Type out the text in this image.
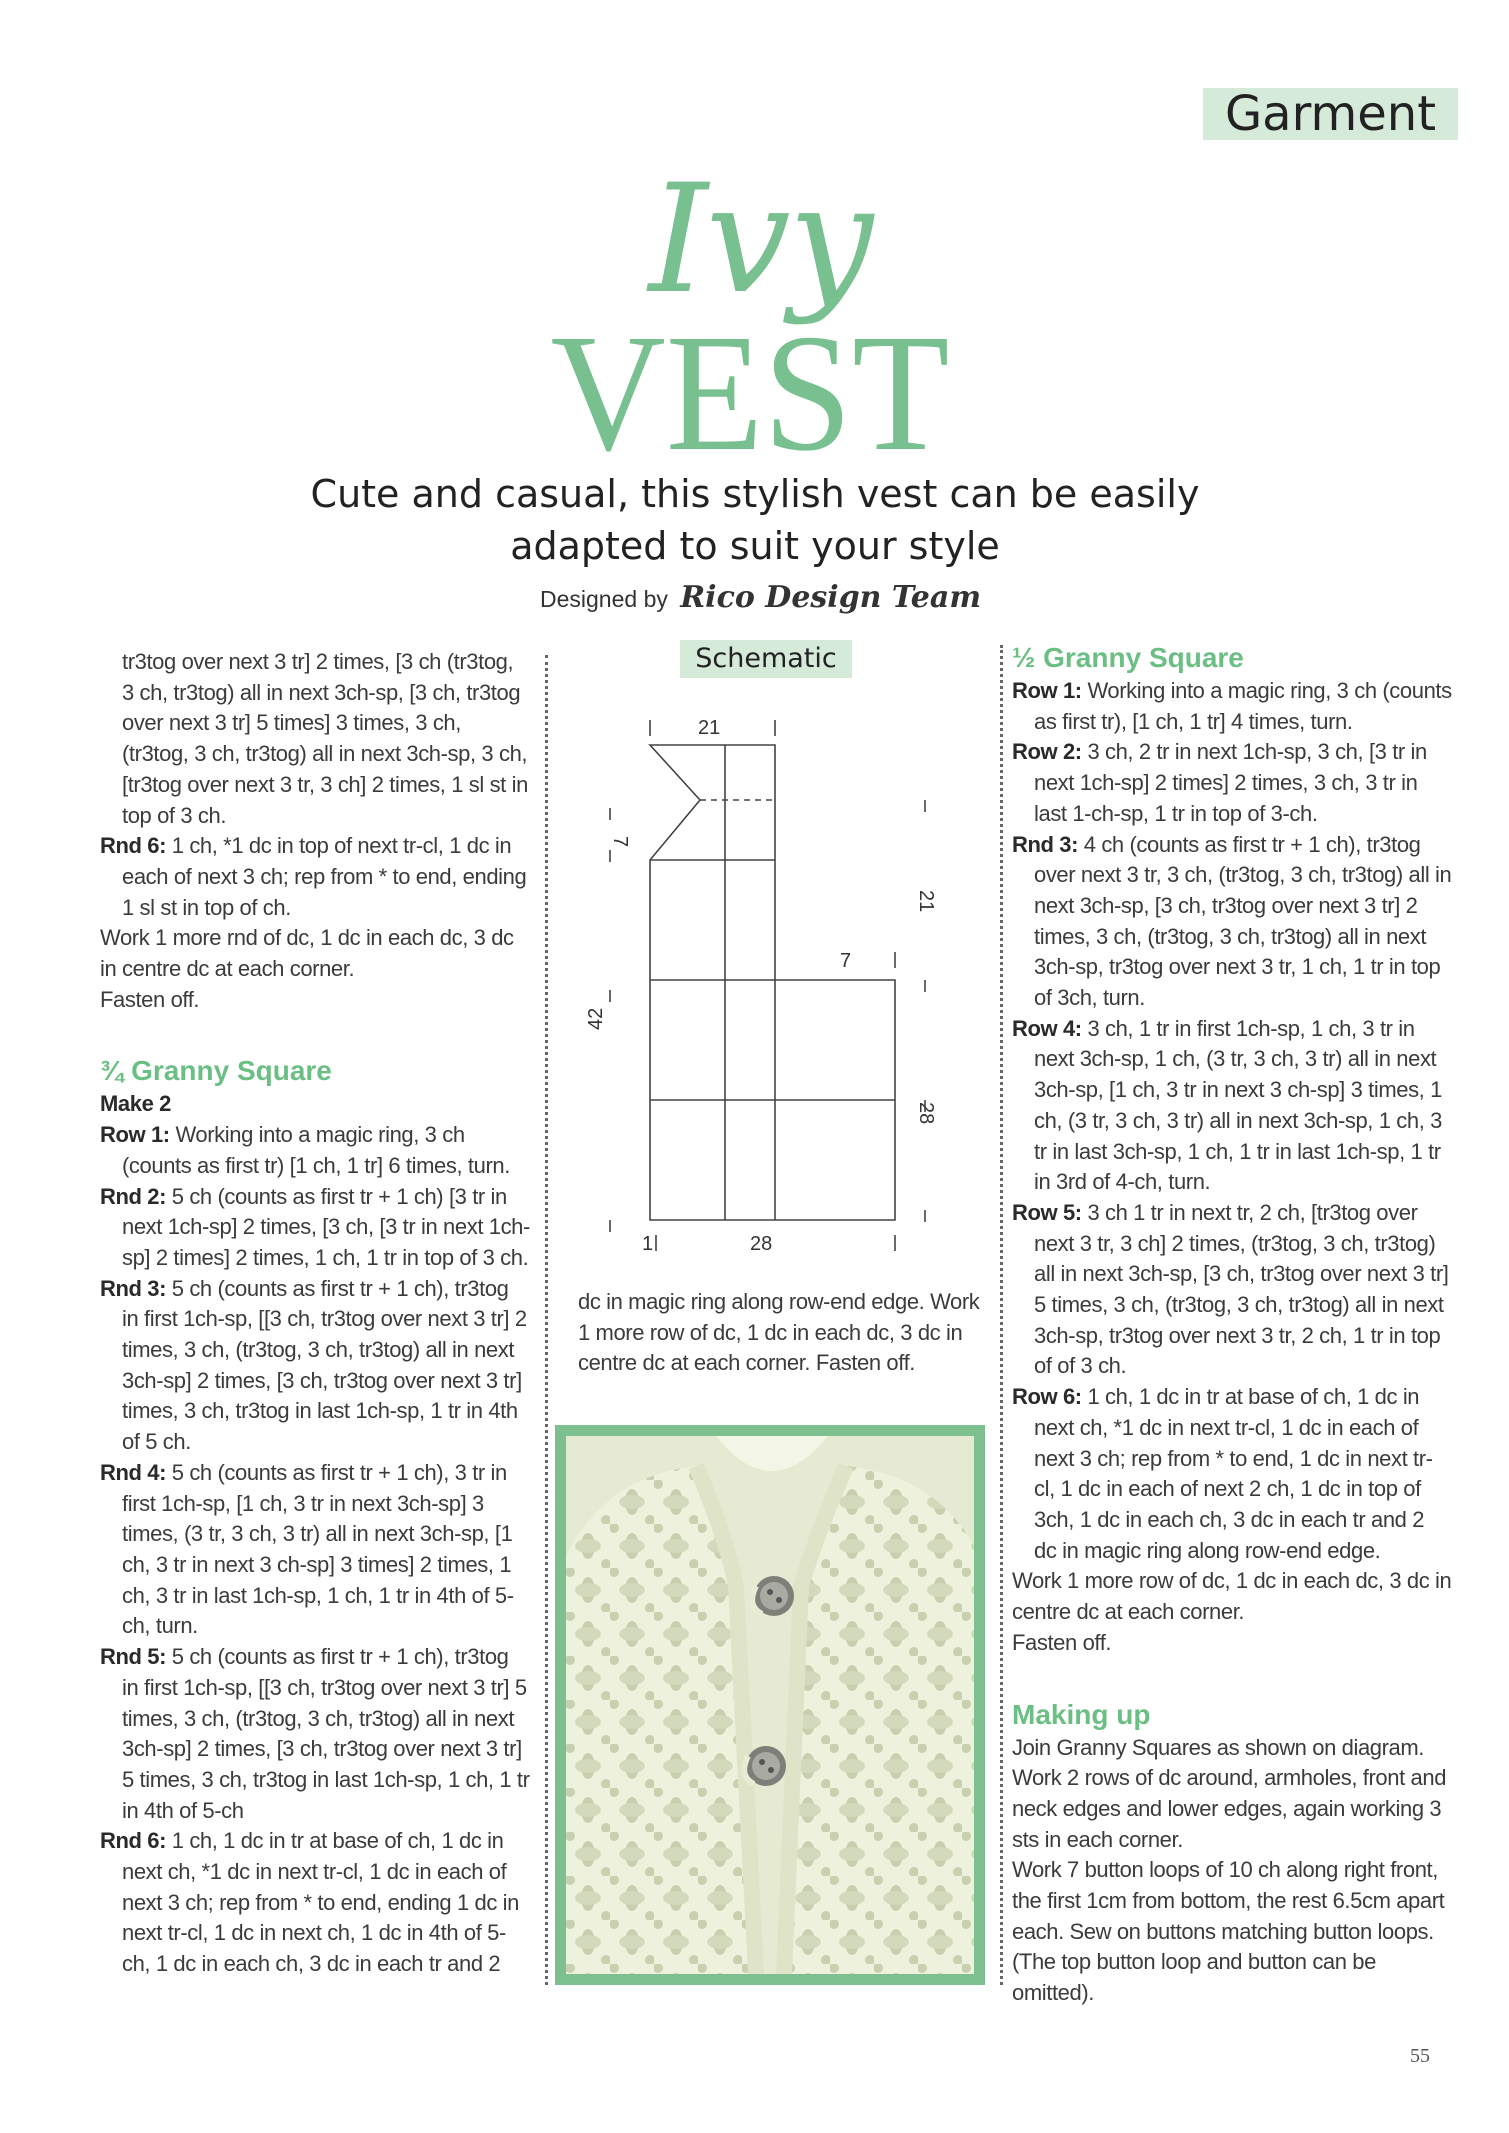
Garment
Ivy
VEST
Cute and casual, this stylish vest can be easily
adapted to suit your style
Designed by Rico Design Team

tr3tog over next 3 tr] 2 times, [3 ch (tr3tog, 3 ch, tr3tog) all in next 3ch-sp, [3 ch, tr3tog over next 3 tr] 5 times] 3 times, 3 ch, (tr3tog, 3 ch, tr3tog) all in next 3ch-sp, 3 ch, [tr3tog over next 3 tr, 3 ch] 2 times, 1 sl st in top of 3 ch.

Rnd 6: 1 ch, *1 dc in top of next tr-cl, 1 dc in each of next 3 ch; rep from * to end, ending 1 sl st in top of ch.

Work 1 more rnd of dc, 1 dc in each dc, 3 dc in centre dc at each corner.

Fasten off.

¾ Granny Square

Make 2

Row 1: Working into a magic ring, 3 ch (counts as first tr) [1 ch, 1 tr] 6 times, turn.

Rnd 2: 5 ch (counts as first tr + 1 ch) [3 tr in next 1ch-sp] 2 times, [3 ch, [3 tr in next 1ch-sp] 2 times] 2 times, 1 ch, 1 tr in top of 3 ch.

Rnd 3: 5 ch (counts as first tr + 1 ch), tr3tog in first 1ch-sp, [[3 ch, tr3tog over next 3 tr] 2 times, 3 ch, (tr3tog, 3 ch, tr3tog) all in next 3ch-sp] 2 times, [3 ch, tr3tog over next 3 tr] times, 3 ch, tr3tog in last 1ch-sp, 1 tr in 4th of 5 ch.

Rnd 4: 5 ch (counts as first tr + 1 ch), 3 tr in first 1ch-sp, [1 ch, 3 tr in next 3ch-sp] 3 times, (3 tr, 3 ch, 3 tr) all in next 3ch-sp, [1 ch, 3 tr in next 3 ch-sp] 3 times] 2 times, 1 ch, 3 tr in last 1ch-sp, 1 ch, 1 tr in 4th of 5-ch, turn.

Rnd 5: 5 ch (counts as first tr + 1 ch), tr3tog in first 1ch-sp, [[3 ch, tr3tog over next 3 tr] 5 times, 3 ch, (tr3tog, 3 ch, tr3tog) all in next 3ch-sp] 2 times, [3 ch, tr3tog over next 3 tr] 5 times, 3 ch, tr3tog in last 1ch-sp, 1 ch, 1 tr in 4th of 5-ch

Rnd 6: 1 ch, 1 dc in tr at base of ch, 1 dc in next ch, *1 dc in next tr-cl, 1 dc in each of next 3 ch; rep from * to end, ending 1 dc in next tr-cl, 1 dc in next ch, 1 dc in 4th of 5-ch, 1 dc in each ch, 3 dc in each tr and 2

Schematic
21
7
21
7
42
28
28
1

dc in magic ring along row-end edge. Work 1 more row of dc, 1 dc in each dc, 3 dc in centre dc at each corner. Fasten off.

½ Granny Square

Row 1: Working into a magic ring, 3 ch (counts as first tr), [1 ch, 1 tr] 4 times, turn.

Row 2: 3 ch, 2 tr in next 1ch-sp, 3 ch, [3 tr in next 1ch-sp] 2 times] 2 times, 3 ch, 3 tr in last 1-ch-sp, 1 tr in top of 3-ch.

Rnd 3: 4 ch (counts as first tr + 1 ch), tr3tog over next 3 tr, 3 ch, (tr3tog, 3 ch, tr3tog) all in next 3ch-sp, [3 ch, tr3tog over next 3 tr] 2 times, 3 ch, (tr3tog, 3 ch, tr3tog) all in next 3ch-sp, tr3tog over next 3 tr, 1 ch, 1 tr in top of 3ch, turn.

Row 4: 3 ch, 1 tr in first 1ch-sp, 1 ch, 3 tr in next 3ch-sp, 1 ch, (3 tr, 3 ch, 3 tr) all in next 3ch-sp, [1 ch, 3 tr in next 3 ch-sp] 3 times, 1 ch, (3 tr, 3 ch, 3 tr) all in next 3ch-sp, 1 ch, 3 tr in last 3ch-sp, 1 ch, 1 tr in last 1ch-sp, 1 tr in 3rd of 4-ch, turn.

Row 5: 3 ch 1 tr in next tr, 2 ch, [tr3tog over next 3 tr, 3 ch] 2 times, (tr3tog, 3 ch, tr3tog) all in next 3ch-sp, [3 ch, tr3tog over next 3 tr] 5 times, 3 ch, (tr3tog, 3 ch, tr3tog) all in next 3ch-sp, tr3tog over next 3 tr, 2 ch, 1 tr in top of of 3 ch.

Row 6: 1 ch, 1 dc in tr at base of ch, 1 dc in next ch, *1 dc in next tr-cl, 1 dc in each of next 3 ch; rep from * to end, 1 dc in next tr-cl, 1 dc in each of next 2 ch, 1 dc in top of 3ch, 1 dc in each ch, 3 dc in each tr and 2 dc in magic ring along row-end edge.

Work 1 more row of dc, 1 dc in each dc, 3 dc in centre dc at each corner.

Fasten off.

Making up

Join Granny Squares as shown on diagram. Work 2 rows of dc around, armholes, front and neck edges and lower edges, again working 3 sts in each corner.

Work 7 button loops of 10 ch along right front, the first 1cm from bottom, the rest 6.5cm apart each. Sew on buttons matching button loops. (The top button loop and button can be omitted).

55
